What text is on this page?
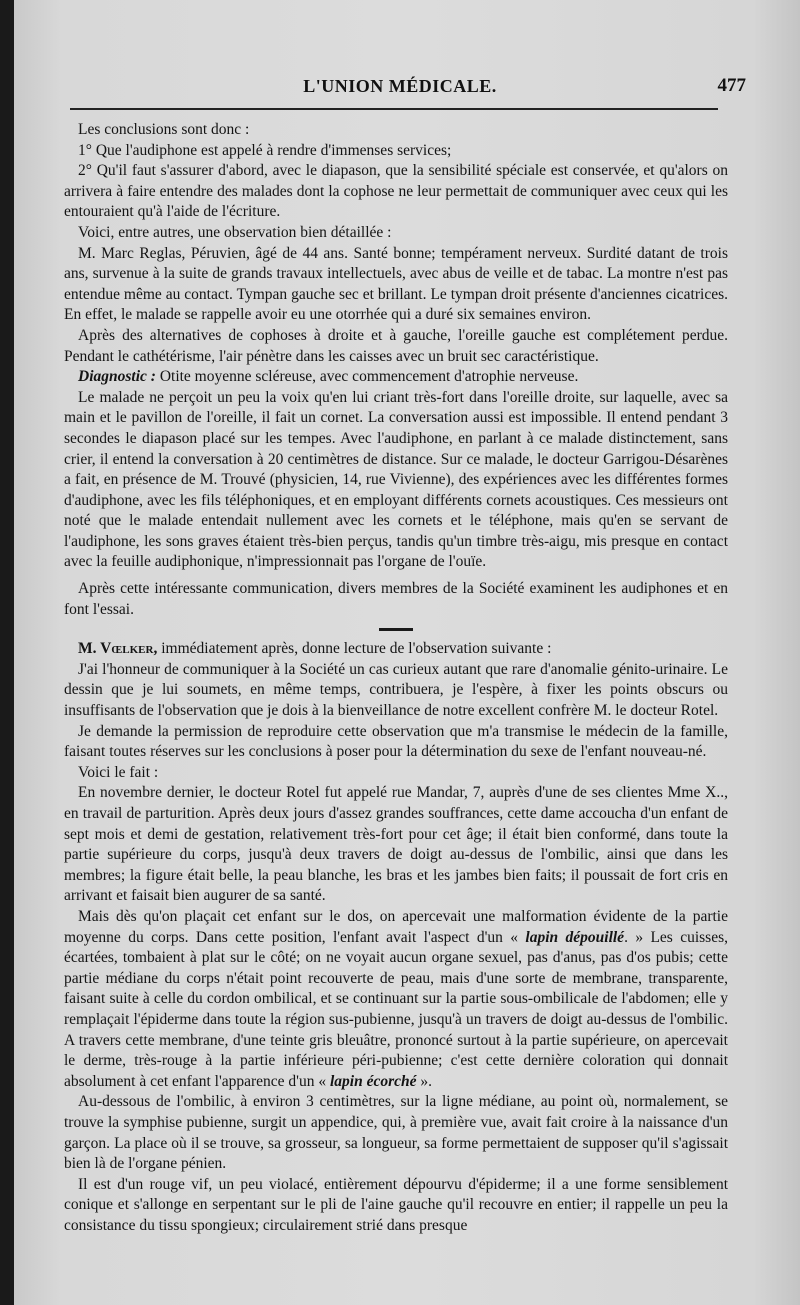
L'UNION MÉDICALE.	477

Les conclusions sont donc :

1° Que l'audiphone est appelé à rendre d'immenses services;

2° Qu'il faut s'assurer d'abord, avec le diapason, que la sensibilité spéciale est conservée, et qu'alors on arrivera à faire entendre des malades dont la cophose ne leur permettait de communiquer avec ceux qui les entouraient qu'à l'aide de l'écriture.

Voici, entre autres, une observation bien détaillée :

M. Marc Reglas, Péruvien, âgé de 44 ans. Santé bonne; tempérament nerveux. Surdité datant de trois ans, survenue à la suite de grands travaux intellectuels, avec abus de veille et de tabac. La montre n'est pas entendue même au contact. Tympan gauche sec et brillant. Le tympan droit présente d'anciennes cicatrices. En effet, le malade se rappelle avoir eu une otorrhée qui a duré six semaines environ.

Après des alternatives de cophoses à droite et à gauche, l'oreille gauche est complétement perdue. Pendant le cathétérisme, l'air pénètre dans les caisses avec un bruit sec caractéristique.

Diagnostic : Otite moyenne scléreuse, avec commencement d'atrophie nerveuse.

Le malade ne perçoit un peu la voix qu'en lui criant très-fort dans l'oreille droite, sur laquelle, avec sa main et le pavillon de l'oreille, il fait un cornet. La conversation aussi est impossible. Il entend pendant 3 secondes le diapason placé sur les tempes. Avec l'audiphone, en parlant à ce malade distinctement, sans crier, il entend la conversation à 20 centimètres de distance. Sur ce malade, le docteur Garrigou-Désarènes a fait, en présence de M. Trouvé (physicien, 14, rue Vivienne), des expériences avec les différentes formes d'audiphone, avec les fils téléphoniques, et en employant différents cornets acoustiques. Ces messieurs ont noté que le malade entendait nullement avec les cornets et le téléphone, mais qu'en se servant de l'audiphone, les sons graves étaient très-bien perçus, tandis qu'un timbre très-aigu, mis presque en contact avec la feuille audiphonique, n'impressionnait pas l'organe de l'ouïe.

Après cette intéressante communication, divers membres de la Société examinent les audiphones et en font l'essai.

M. Vœlker, immédiatement après, donne lecture de l'observation suivante :

J'ai l'honneur de communiquer à la Société un cas curieux autant que rare d'anomalie génito-urinaire. Le dessin que je lui soumets, en même temps, contribuera, je l'espère, à fixer les points obscurs ou insuffisants de l'observation que je dois à la bienveillance de notre excellent confrère M. le docteur Rotel.

Je demande la permission de reproduire cette observation que m'a transmise le médecin de la famille, faisant toutes réserves sur les conclusions à poser pour la détermination du sexe de l'enfant nouveau-né.

Voici le fait :

En novembre dernier, le docteur Rotel fut appelé rue Mandar, 7, auprès d'une de ses clientes Mme X.., en travail de parturition. Après deux jours d'assez grandes souffrances, cette dame accoucha d'un enfant de sept mois et demi de gestation, relativement très-fort pour cet âge; il était bien conformé, dans toute la partie supérieure du corps, jusqu'à deux travers de doigt au-dessus de l'ombilic, ainsi que dans les membres; la figure était belle, la peau blanche, les bras et les jambes bien faits; il poussait de fort cris en arrivant et faisait bien augurer de sa santé.

Mais dès qu'on plaçait cet enfant sur le dos, on apercevait une malformation évidente de la partie moyenne du corps. Dans cette position, l'enfant avait l'aspect d'un « lapin dépouillé. » Les cuisses, écartées, tombaient à plat sur le côté; on ne voyait aucun organe sexuel, pas d'anus, pas d'os pubis; cette partie médiane du corps n'était point recouverte de peau, mais d'une sorte de membrane, transparente, faisant suite à celle du cordon ombilical, et se continuant sur la partie sous-ombilicale de l'abdomen; elle y remplaçait l'épiderme dans toute la région sus-pubienne, jusqu'à un travers de doigt au-dessus de l'ombilic. A travers cette membrane, d'une teinte gris bleuâtre, prononcé surtout à la partie supérieure, on apercevait le derme, très-rouge à la partie inférieure péri-pubienne; c'est cette dernière coloration qui donnait absolument à cet enfant l'apparence d'un « lapin écorché ».

Au-dessous de l'ombilic, à environ 3 centimètres, sur la ligne médiane, au point où, normalement, se trouve la symphise pubienne, surgit un appendice, qui, à première vue, avait fait croire à la naissance d'un garçon. La place où il se trouve, sa grosseur, sa longueur, sa forme permettaient de supposer qu'il s'agissait bien là de l'organe pénien.

Il est d'un rouge vif, un peu violacé, entièrement dépourvu d'épiderme; il a une forme sensiblement conique et s'allonge en serpentant sur le pli de l'aine gauche qu'il recouvre en entier; il rappelle un peu la consistance du tissu spongieux; circulairement strié dans presque
